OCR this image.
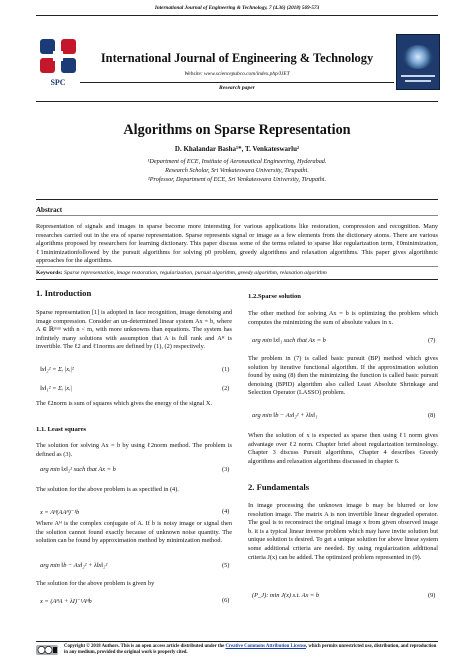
International Journal of Engineering & Technology, 7 (4.36) (2018) 569-573
SPC
International Journal of Engineering & Technology
Website: www.sciencepubco.com/index.php/IJET
Research paper
Algorithms on Sparse Representation
D. Khalandar Basha¹*, T. Venkateswarlu²
¹Department of ECE, Institute of Aeronautical Engineering, Hyderabad.
Research Scholar, Sri Venkateswara University, Tirupathi.
²Professor, Department of ECE, Sri Venkateswara University, Tirupathi.
Abstract
Representation of signals and images in sparse become more interesting for various applications like restoration, compression and recognition. Many researches carried out in the era of sparse representation. Sparse represents signal or image as a few elements from the dictionary atoms. There are various algorithms proposed by researchers for learning dictionary. This paper discuss some of the terms related to sparse like regularization term, ℓ0minimization, ℓ1minimizationfollowed by the pursuit algorithms for solving p0 problem, greedy algorithms and relaxation algorithms. This paper gives algorithmic approaches for the algorithms.
Keywords: Sparse representation, image restoration, regularization, pursuit algorithm, greedy algorithm, relaxation algorithm
1. Introduction
Sparse representation [1] is adopted in face recognition, image denoising and image compression. Consider an un-determined linear system Ax = b, where A ∈ ℝⁿˣᵐ with n < m, with more unknowns than equations. The system has infinitely many solutions with assumption that A is full rank and Aᴴ is invertible. The ℓ2 and ℓ1norms are defined by (1), (2) respectively.
‖x‖₂² = Σᵢ |xᵢ|²	(1)
‖x‖₁² = Σᵢ |xᵢ|	(2)
The ℓ2norm is sum of squares which gives the energy of the signal X.
1.1. Least squares
The solution for solving Ax = b by using ℓ2norm method. The problem is defined as (3).
arg min ‖x‖₂² such that Ax = b	(3)
The solution for the above problem is as specified in (4).
x = Aᴴ(AAᴴ)⁻¹b	(4)
Where Aᴴ is the complex conjugate of A. If b is noisy image or signal then the solution cannot found exactly because of unknown noise quantity. The solution can be found by approximation method by minimization method.
arg min ‖b − Ax‖₂² + λ‖x‖₂²	(5)
The solution for the above problem is given by
x = (AᴴA + λI)⁻¹Aᴴb	(6)
1.2.Sparse solution
The other method for solving Ax = b is optimizing the problem which computes the minimizing the sum of absolute values in x.
arg min ‖x‖₁ such that Ax = b	(7)
The problem in (7) is called basic pursuit (BP) method which gives solution by iterative functional algorithm. If the approximation solution found by using (8) then the minimizing the function is called basic pursuit denoising (BPID) algorithm also called Least Absolute Shrinkage and Selection Operator (LASSO) problem.
arg min ‖b − Ax‖₂² + λ‖x‖₁	(8)
When the solution of x is expected as sparse then using ℓ1 norm gives advantage over ℓ2 norm. Chapter brief about regularization terminology. Chapter 3 discuss Pursuit algorithms, Chapter 4 describes Greedy algorithms and relaxation algorithms discussed in chapter 6.
2. Fundamentals
In image processing the unknown image b may be blurred or low resolution image. The matrix A is non invertible linear degraded operator. The goal is to reconstruct the original image x from given observed image b. it is a typical linear inverse problem which may have invite solution but unique solution is desired. To get a unique solution for above linear system some additional criteria are needed. By using regularization additional criteria J(x) can be added. The optimized problem represented in (9).
(P_J): min J(x) s.t. Ax = b	(9)
Copyright © 2018 Authors. This is an open access article distributed under the Creative Commons Attribution License, which permits unrestricted use, distribution, and reproduction in any medium, provided the original work is properly cited.
